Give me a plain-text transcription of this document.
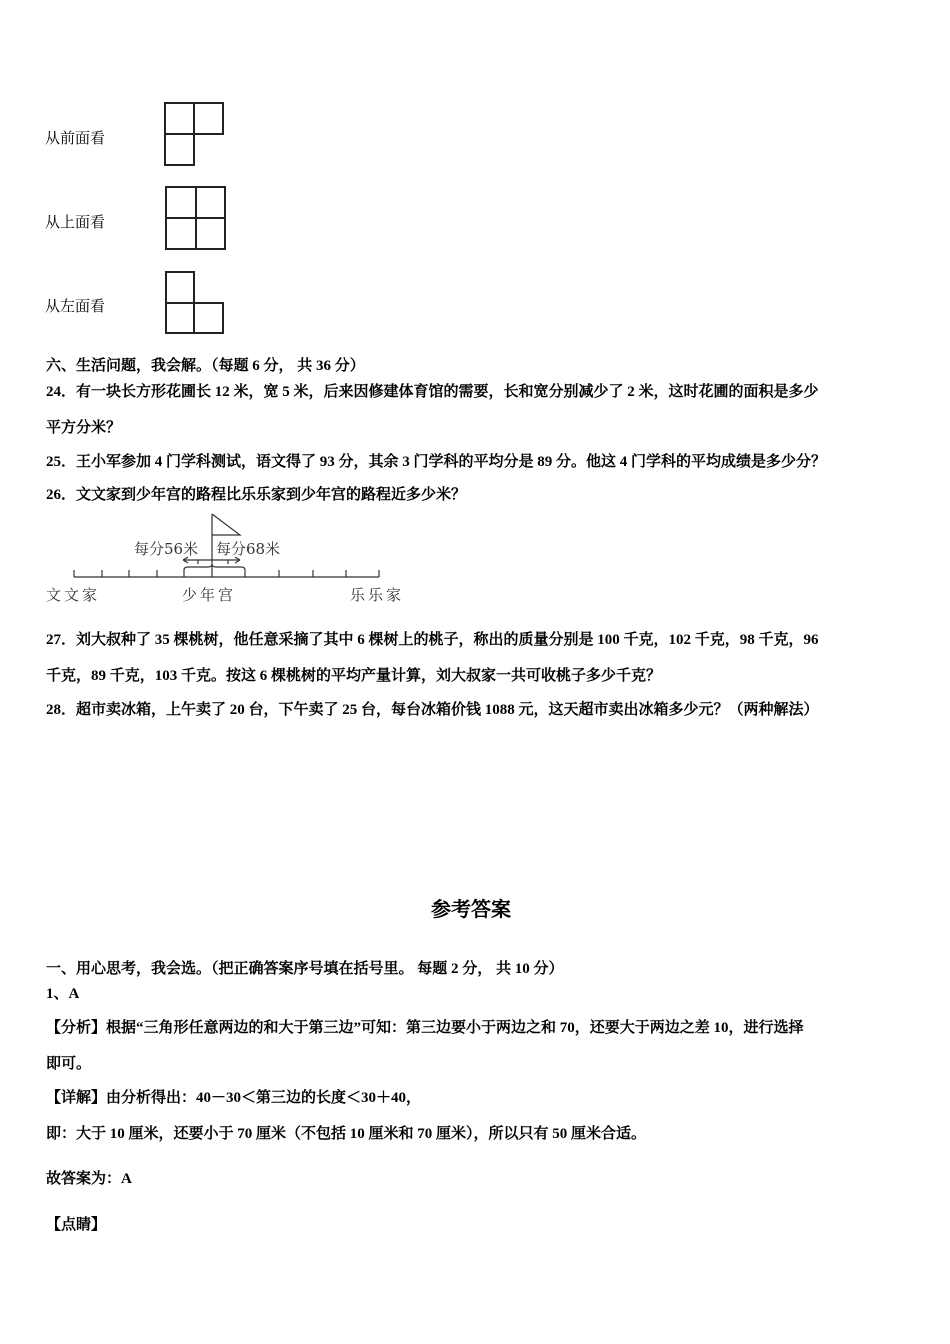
从前面看
从上面看
从左面看
每分56米 每分68米
文文家	少年宫	乐乐家
六、生活问题，我会解。（每题 6 分， 共 36 分）
24．有一块长方形花圃长 12 米，宽 5 米，后来因修建体育馆的需要，长和宽分别减少了 2 米，这时花圃的面积是多少
平方分米？
25．王小军参加 4 门学科测试，语文得了 93 分，其余 3 门学科的平均分是 89 分。他这 4 门学科的平均成绩是多少分？
26．文文家到少年宫的路程比乐乐家到少年宫的路程近多少米？
27．刘大叔种了 35 棵桃树，他任意采摘了其中 6 棵树上的桃子，称出的质量分别是 100 千克，102 千克，98 千克，96
千克，89 千克，103 千克。按这 6 棵桃树的平均产量计算，刘大叔家一共可收桃子多少千克？
28．超市卖冰箱，上午卖了 20 台，下午卖了 25 台，每台冰箱价钱 1088 元，这天超市卖出冰箱多少元？（两种解法）
参考答案
一、用心思考，我会选。（把正确答案序号填在括号里。 每题 2 分， 共 10 分）
1、A
【分析】根据“三角形任意两边的和大于第三边”可知：第三边要小于两边之和 70，还要大于两边之差 10，进行选择
即可。
【详解】由分析得出：40－30＜第三边的长度＜30＋40，
即：大于 10 厘米，还要小于 70 厘米（不包括 10 厘米和 70 厘米），所以只有 50 厘米合适。
故答案为：A
【点睛】
